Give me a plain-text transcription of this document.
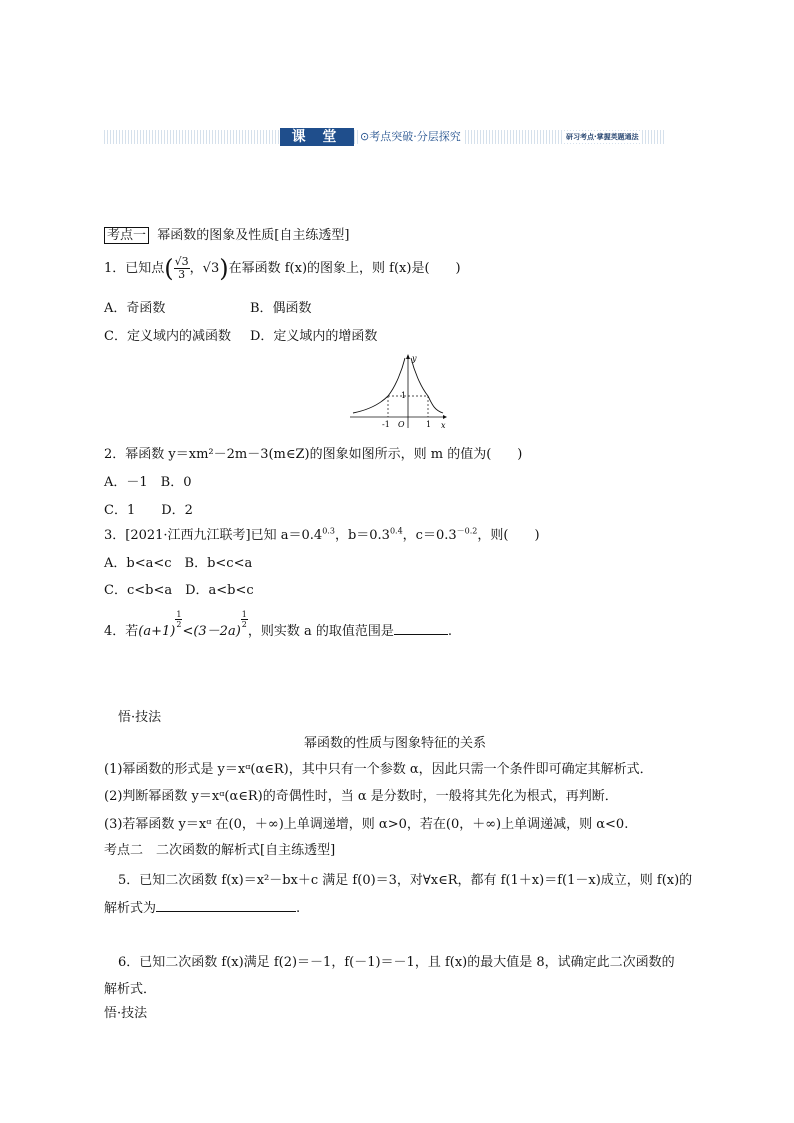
课 堂	⊙考点突破·分层探究	研习考点·掌握英题通法
考点一  幂函数的图象及性质[自主练透型]
1．已知点( $\frac{√3}{3}$ ，√3)在幂函数 f(x)的图象上，则 f(x)是(　　)
A．奇函数	B．偶函数
C．定义域内的减函数 D．定义域内的增函数
y
x
O
1
-1	1
2．幂函数 y＝xm²－2m－3(m∈Z)的图象如图所示，则 m 的值为(　　)
A．－1　B．0
C．1　　D．2
3．[2021·江西九江联考]已知 $a=0.4^{0.3}$，$b=0.3^{0.4}$，$c=0.3^{-0.2}$，则(　　)
A．b<a<c　B．b<c<a
C．c<b<a　D．a<b<c
4．若(a+1)
$\frac{1}{2}$
<(3－2a)
$\frac{1}{2}$
，则实数 a 的取值范围是	.
悟·技法
幂函数的性质与图象特征的关系
(1)幂函数的形式是 y＝xᵅ(α∈R)，其中只有一个参数 α，因此只需一个条件即可确定其解析式．
(2)判断幂函数 y＝xᵅ(α∈R)的奇偶性时，当 α 是分数时，一般将其先化为根式，再判断．
(3)若幂函数 y＝xᵅ 在(0，＋∞)上单调递增，则 α>0，若在(0，＋∞)上单调递减，则 α<0.
考点二　二次函数的解析式[自主练透型]
5．已知二次函数 f(x)＝x²－bx＋c 满足 f(0)＝3，对∀x∈R，都有 f(1＋x)＝f(1－x)成立，则 f(x)的
解析式为	.
6．已知二次函数 f(x)满足 f(2)＝－1，f(－1)＝－1，且 f(x)的最大值是 8，试确定此二次函数的
解析式．
悟·技法
